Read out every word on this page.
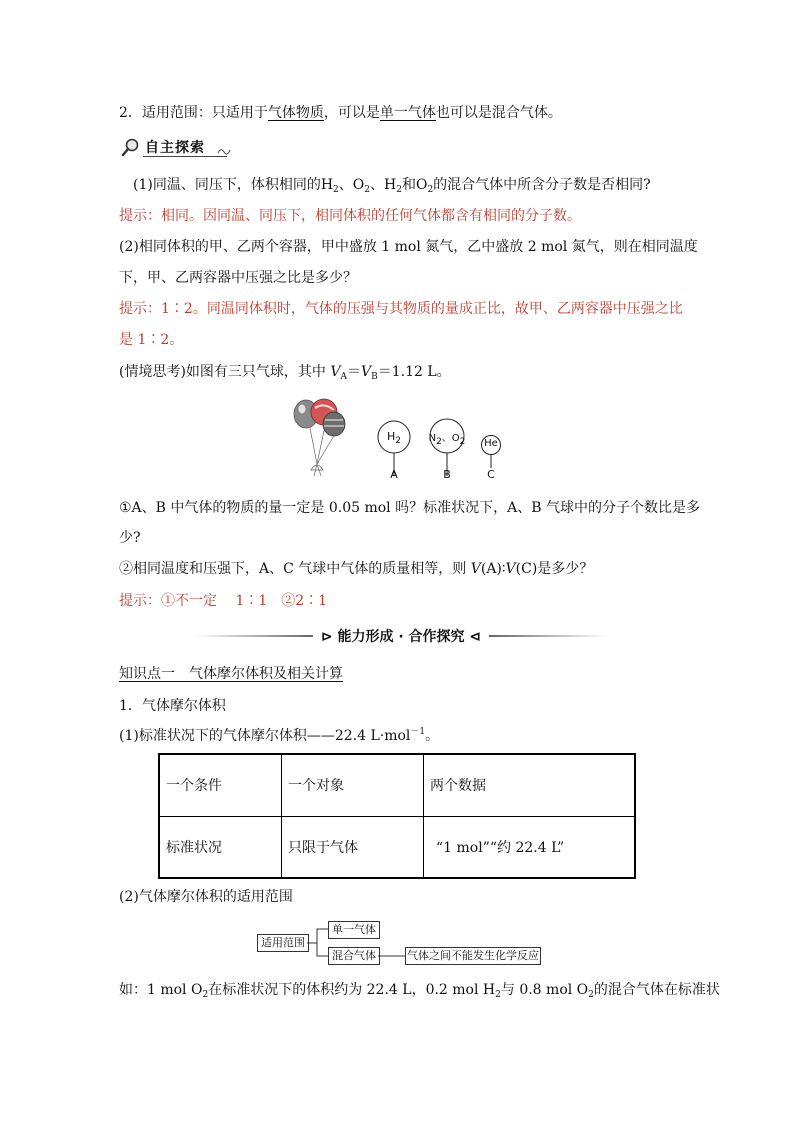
2．适用范围：只适用于气体物质，可以是单一气体也可以是混合气体。
自主探索
(1)同温、同压下，体积相同的$H_2$、$O_2$、$H_2$和$O_2$的混合气体中所含分子数是否相同?
提示：相同。因同温、同压下，相同体积的任何气体都含有相同的分子数。
(2)相同体积的甲、乙两个容器，甲中盛放 1 mol 氮气，乙中盛放 2 mol 氮气，则在相同温度
下，甲、乙两容器中压强之比是多少？
提示：1∶2。同温同体积时，气体的压强与其物质的量成正比，故甲、乙两容器中压强之比
是 1∶2。
(情境思考)如图有三只气球，其中 $V_A=V_B=1.12$ L。
$H_2$
A
$N_2$、$O_2$
B
He
C
①A、B 中气体的物质的量一定是 0.05 mol 吗？标准状况下，A、B 气球中的分子个数比是多
少?
②相同温度和压强下，A、C 气球中气体的质量相等，则 V(A)∶V(C)是多少？
提示：①不一定　 1∶1　②2∶1
⊳ 能力形成 · 合作探究 ⊲
知识点一　气体摩尔体积及相关计算
1．气体摩尔体积
(1)标准状况下的气体摩尔体积——22.4 L·mol$^{-1}$。
一个条件	一个对象	两个数据
标准状况	只限于气体	“1 mol”“约 22.4 L”
(2)气体摩尔体积的适用范围
适用范围
单一气体
混合气体	气体之间不能发生化学反应
如：1 mol $O_2$在标准状况下的体积约为 22.4 L，0.2 mol $H_2$与 0.8 mol $O_2$的混合气体在标准状
